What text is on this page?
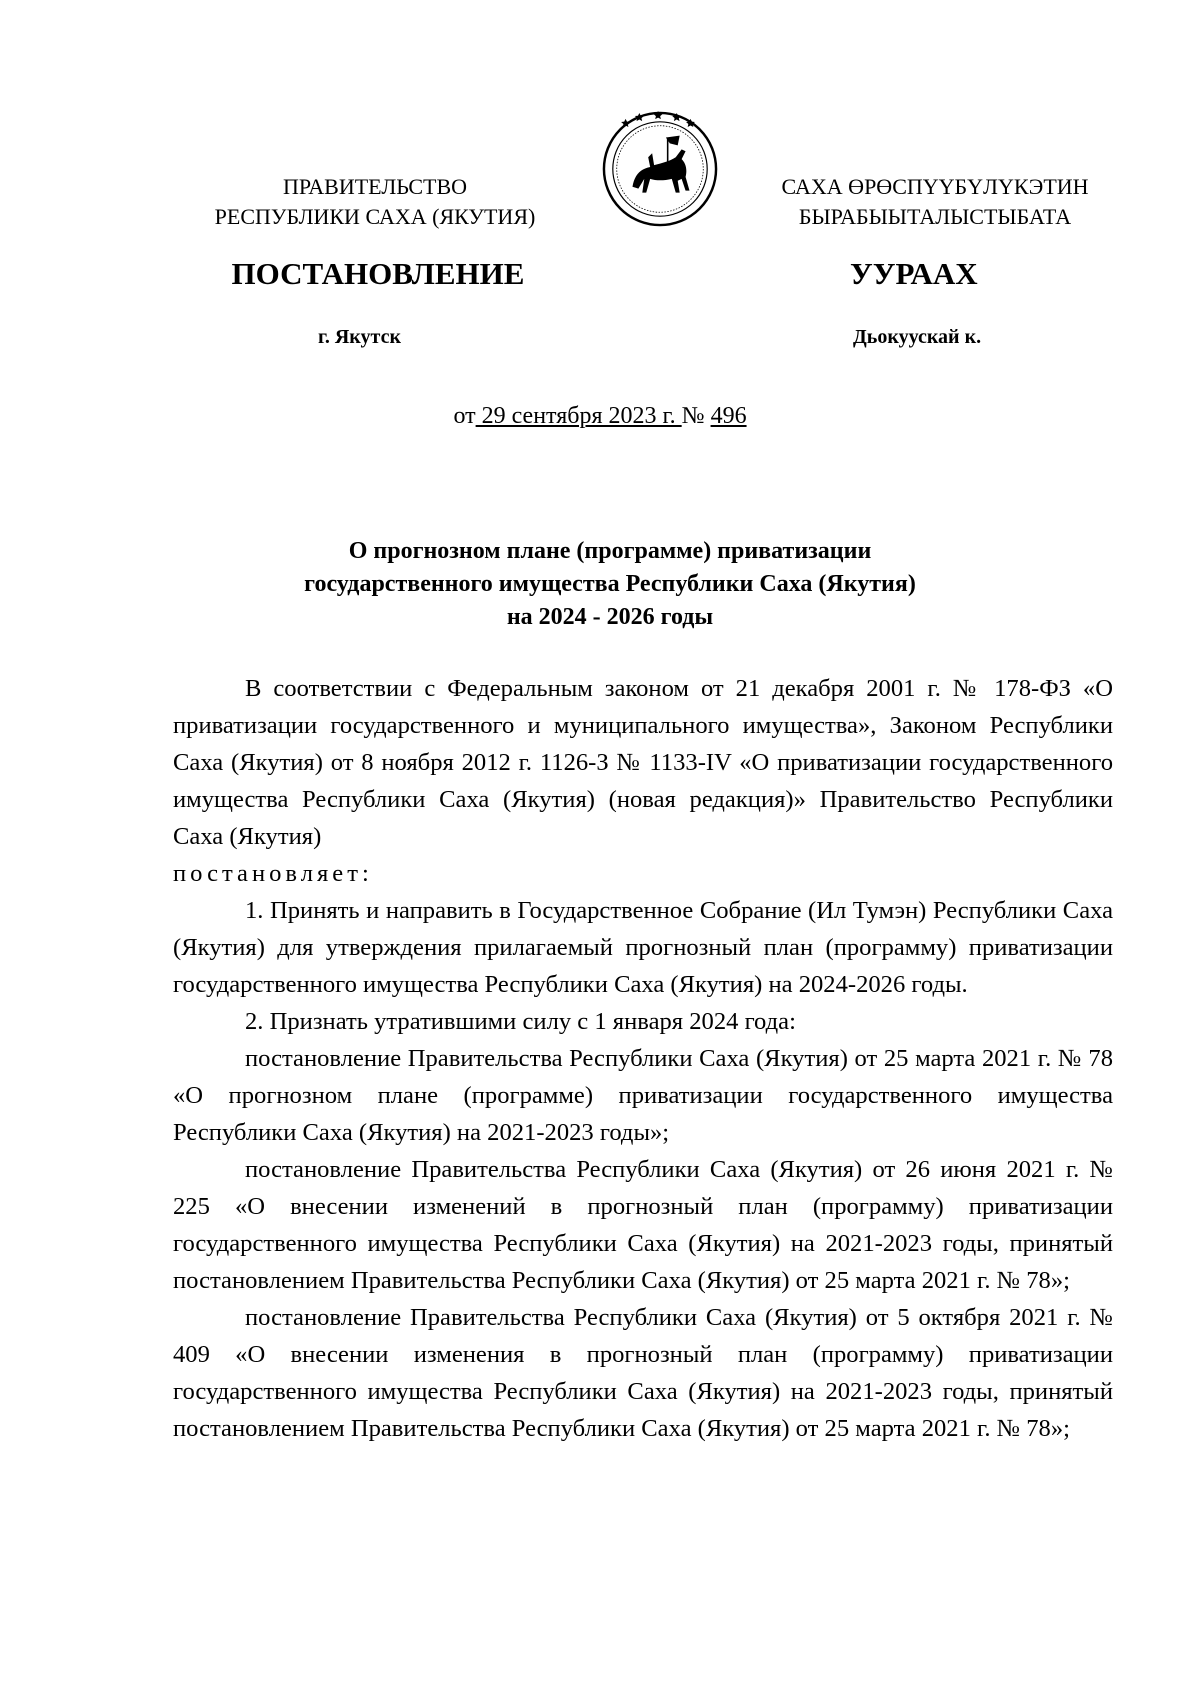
ПРАВИТЕЛЬСТВО
РЕСПУБЛИКИ САХА (ЯКУТИЯ)
САХА ӨРӨСПҮҮБҮЛҮКЭТИН
БЫРАБЫЫТАЛЫСТЫБАТА
ПОСТАНОВЛЕНИЕ	УУРААХ
г. Якутск	Дьокуускай к.
от 29 сентября 2023 г. № 496
О прогнозном плане (программе) приватизации
государственного имущества Республики Саха (Якутия)
на 2024 - 2026 годы

В соответствии с Федеральным законом от 21 декабря 2001 г. № 178-ФЗ «О приватизации государственного и муниципального имущества», Законом Республики Саха (Якутия) от 8 ноября 2012 г. 1126-З № 1133-IV «О приватизации государственного имущества Республики Саха (Якутия) (новая редакция)» Правительство Республики Саха (Якутия)

постановляет:

1. Принять и направить в Государственное Собрание (Ил Тумэн) Республики Саха (Якутия) для утверждения прилагаемый прогнозный план (программу) приватизации государственного имущества Республики Саха (Якутия) на 2024-2026 годы.

2. Признать утратившими силу с 1 января 2024 года:

постановление Правительства Республики Саха (Якутия) от 25 марта 2021 г. № 78 «О прогнозном плане (программе) приватизации государственного имущества Республики Саха (Якутия) на 2021-2023 годы»;

постановление Правительства Республики Саха (Якутия) от 26 июня 2021 г. № 225 «О внесении изменений в прогнозный план (программу) приватизации государственного имущества Республики Саха (Якутия) на 2021-2023 годы, принятый постановлением Правительства Республики Саха (Якутия) от 25 марта 2021 г. № 78»;

постановление Правительства Республики Саха (Якутия) от 5 октября 2021 г. № 409 «О внесении изменения в прогнозный план (программу) приватизации государственного имущества Республики Саха (Якутия) на 2021-2023 годы, принятый постановлением Правительства Республики Саха (Якутия) от 25 марта 2021 г. № 78»;
